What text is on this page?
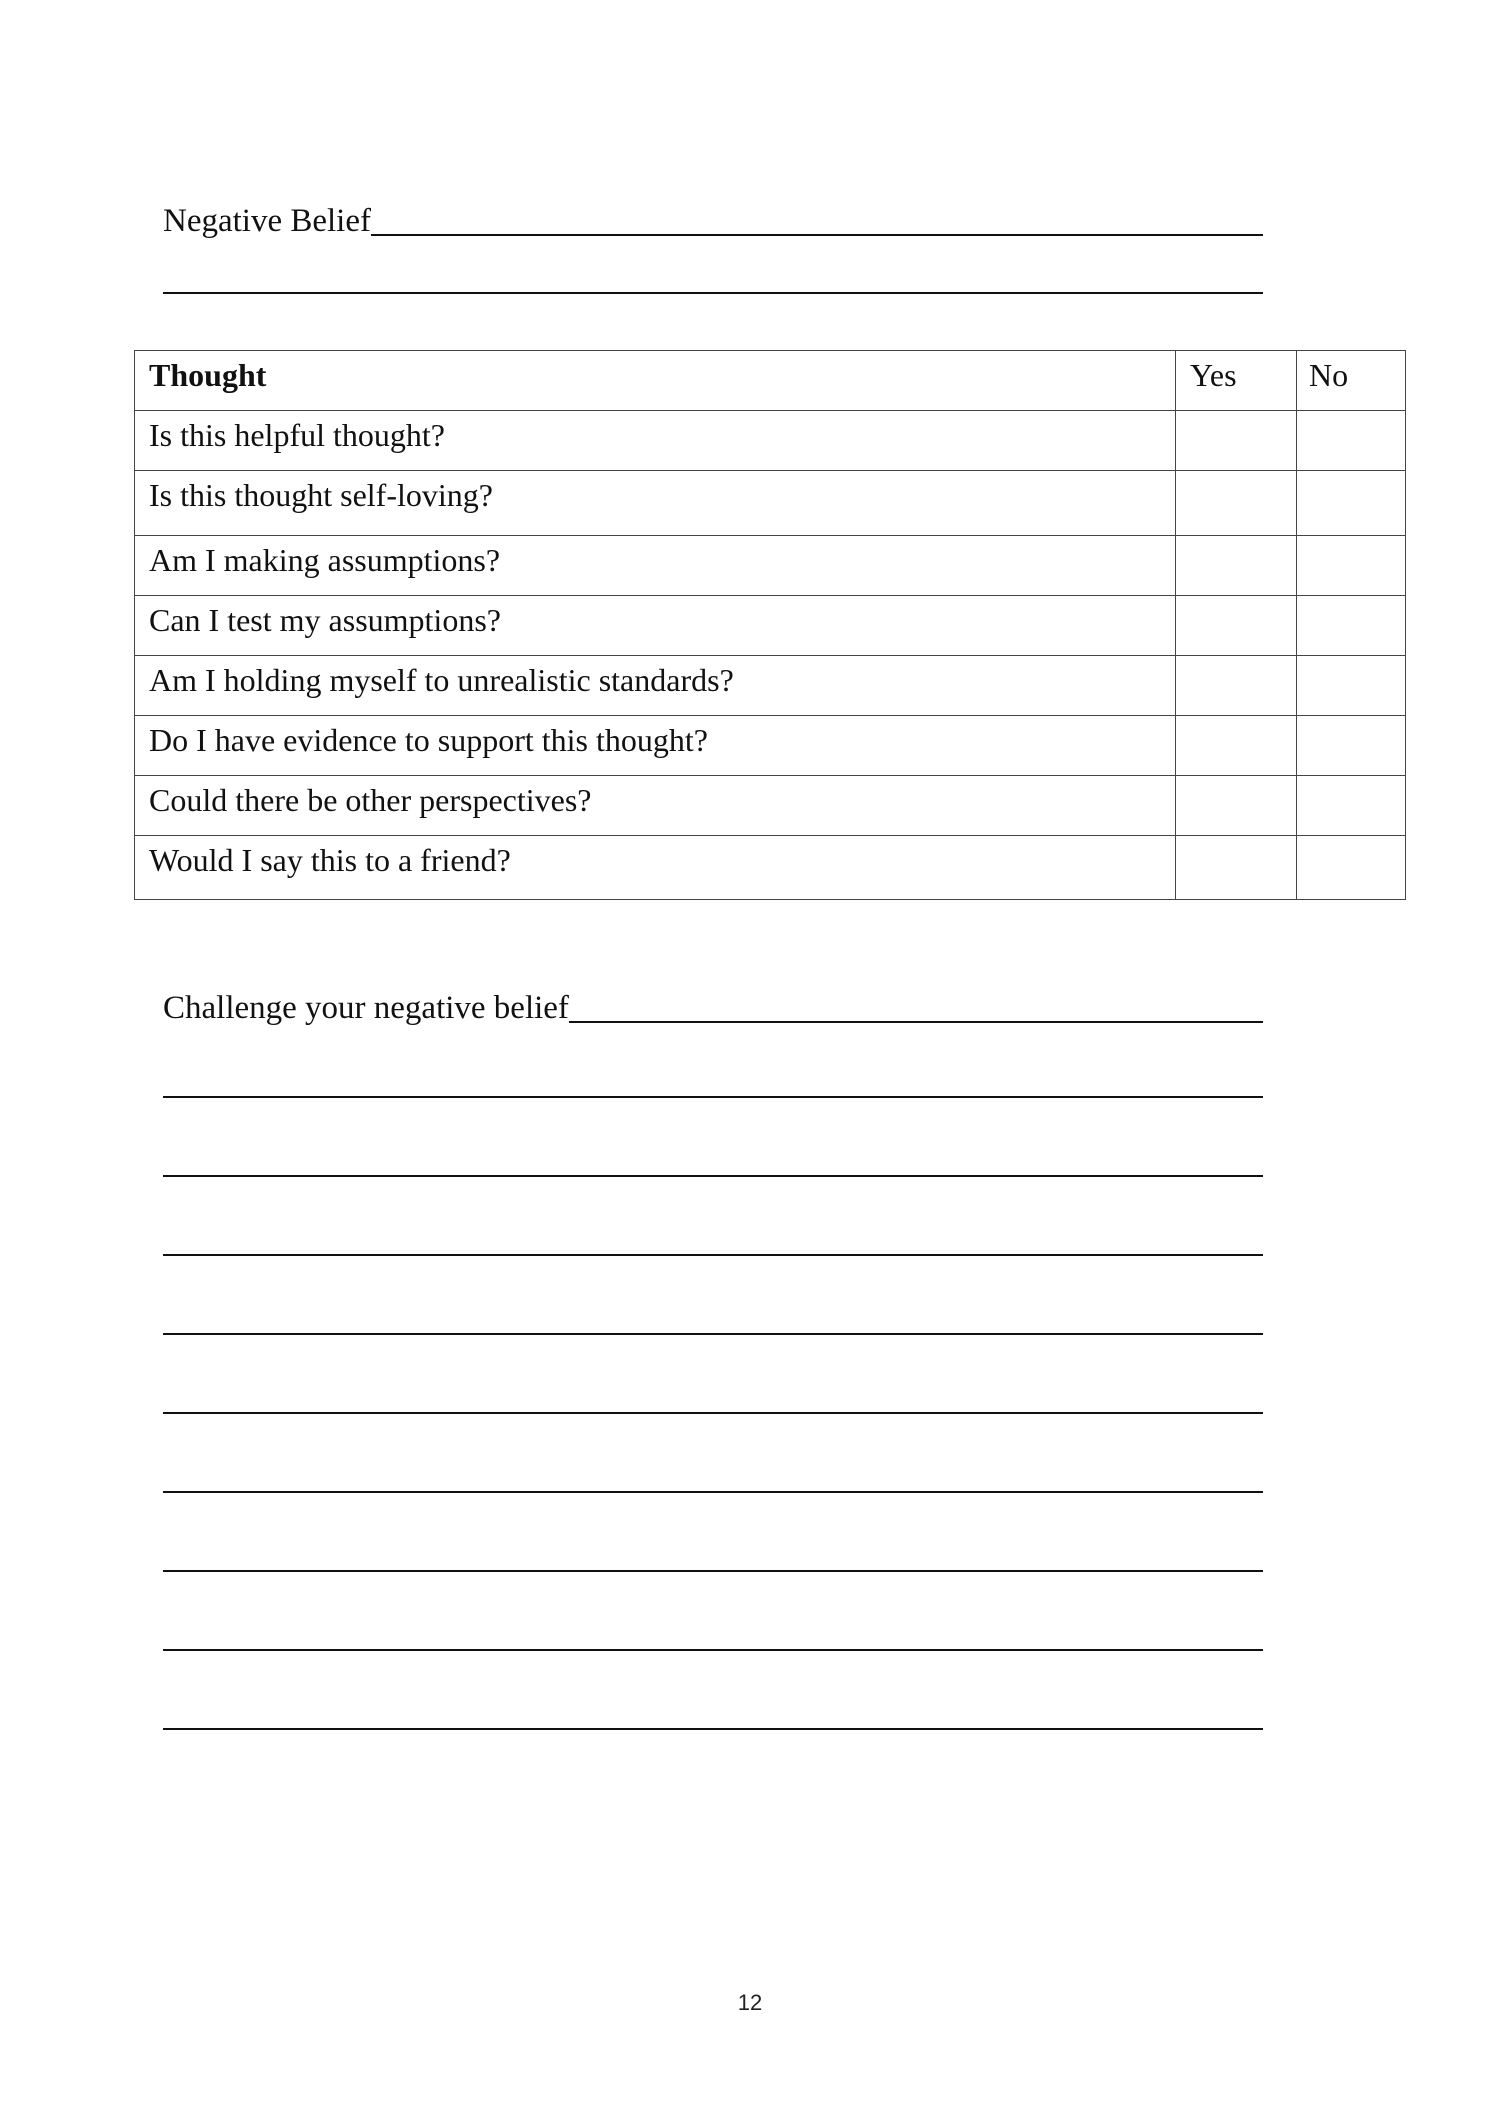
Negative Belief
Thought	Yes	No
Is this helpful thought?		
Is this thought self-loving?		
Am I making assumptions?		
Can I test my assumptions?		
Am I holding myself to unrealistic standards?		
Do I have evidence to support this thought?		
Could there be other perspectives?		
Would I say this to a friend?		
Challenge your negative belief
12
